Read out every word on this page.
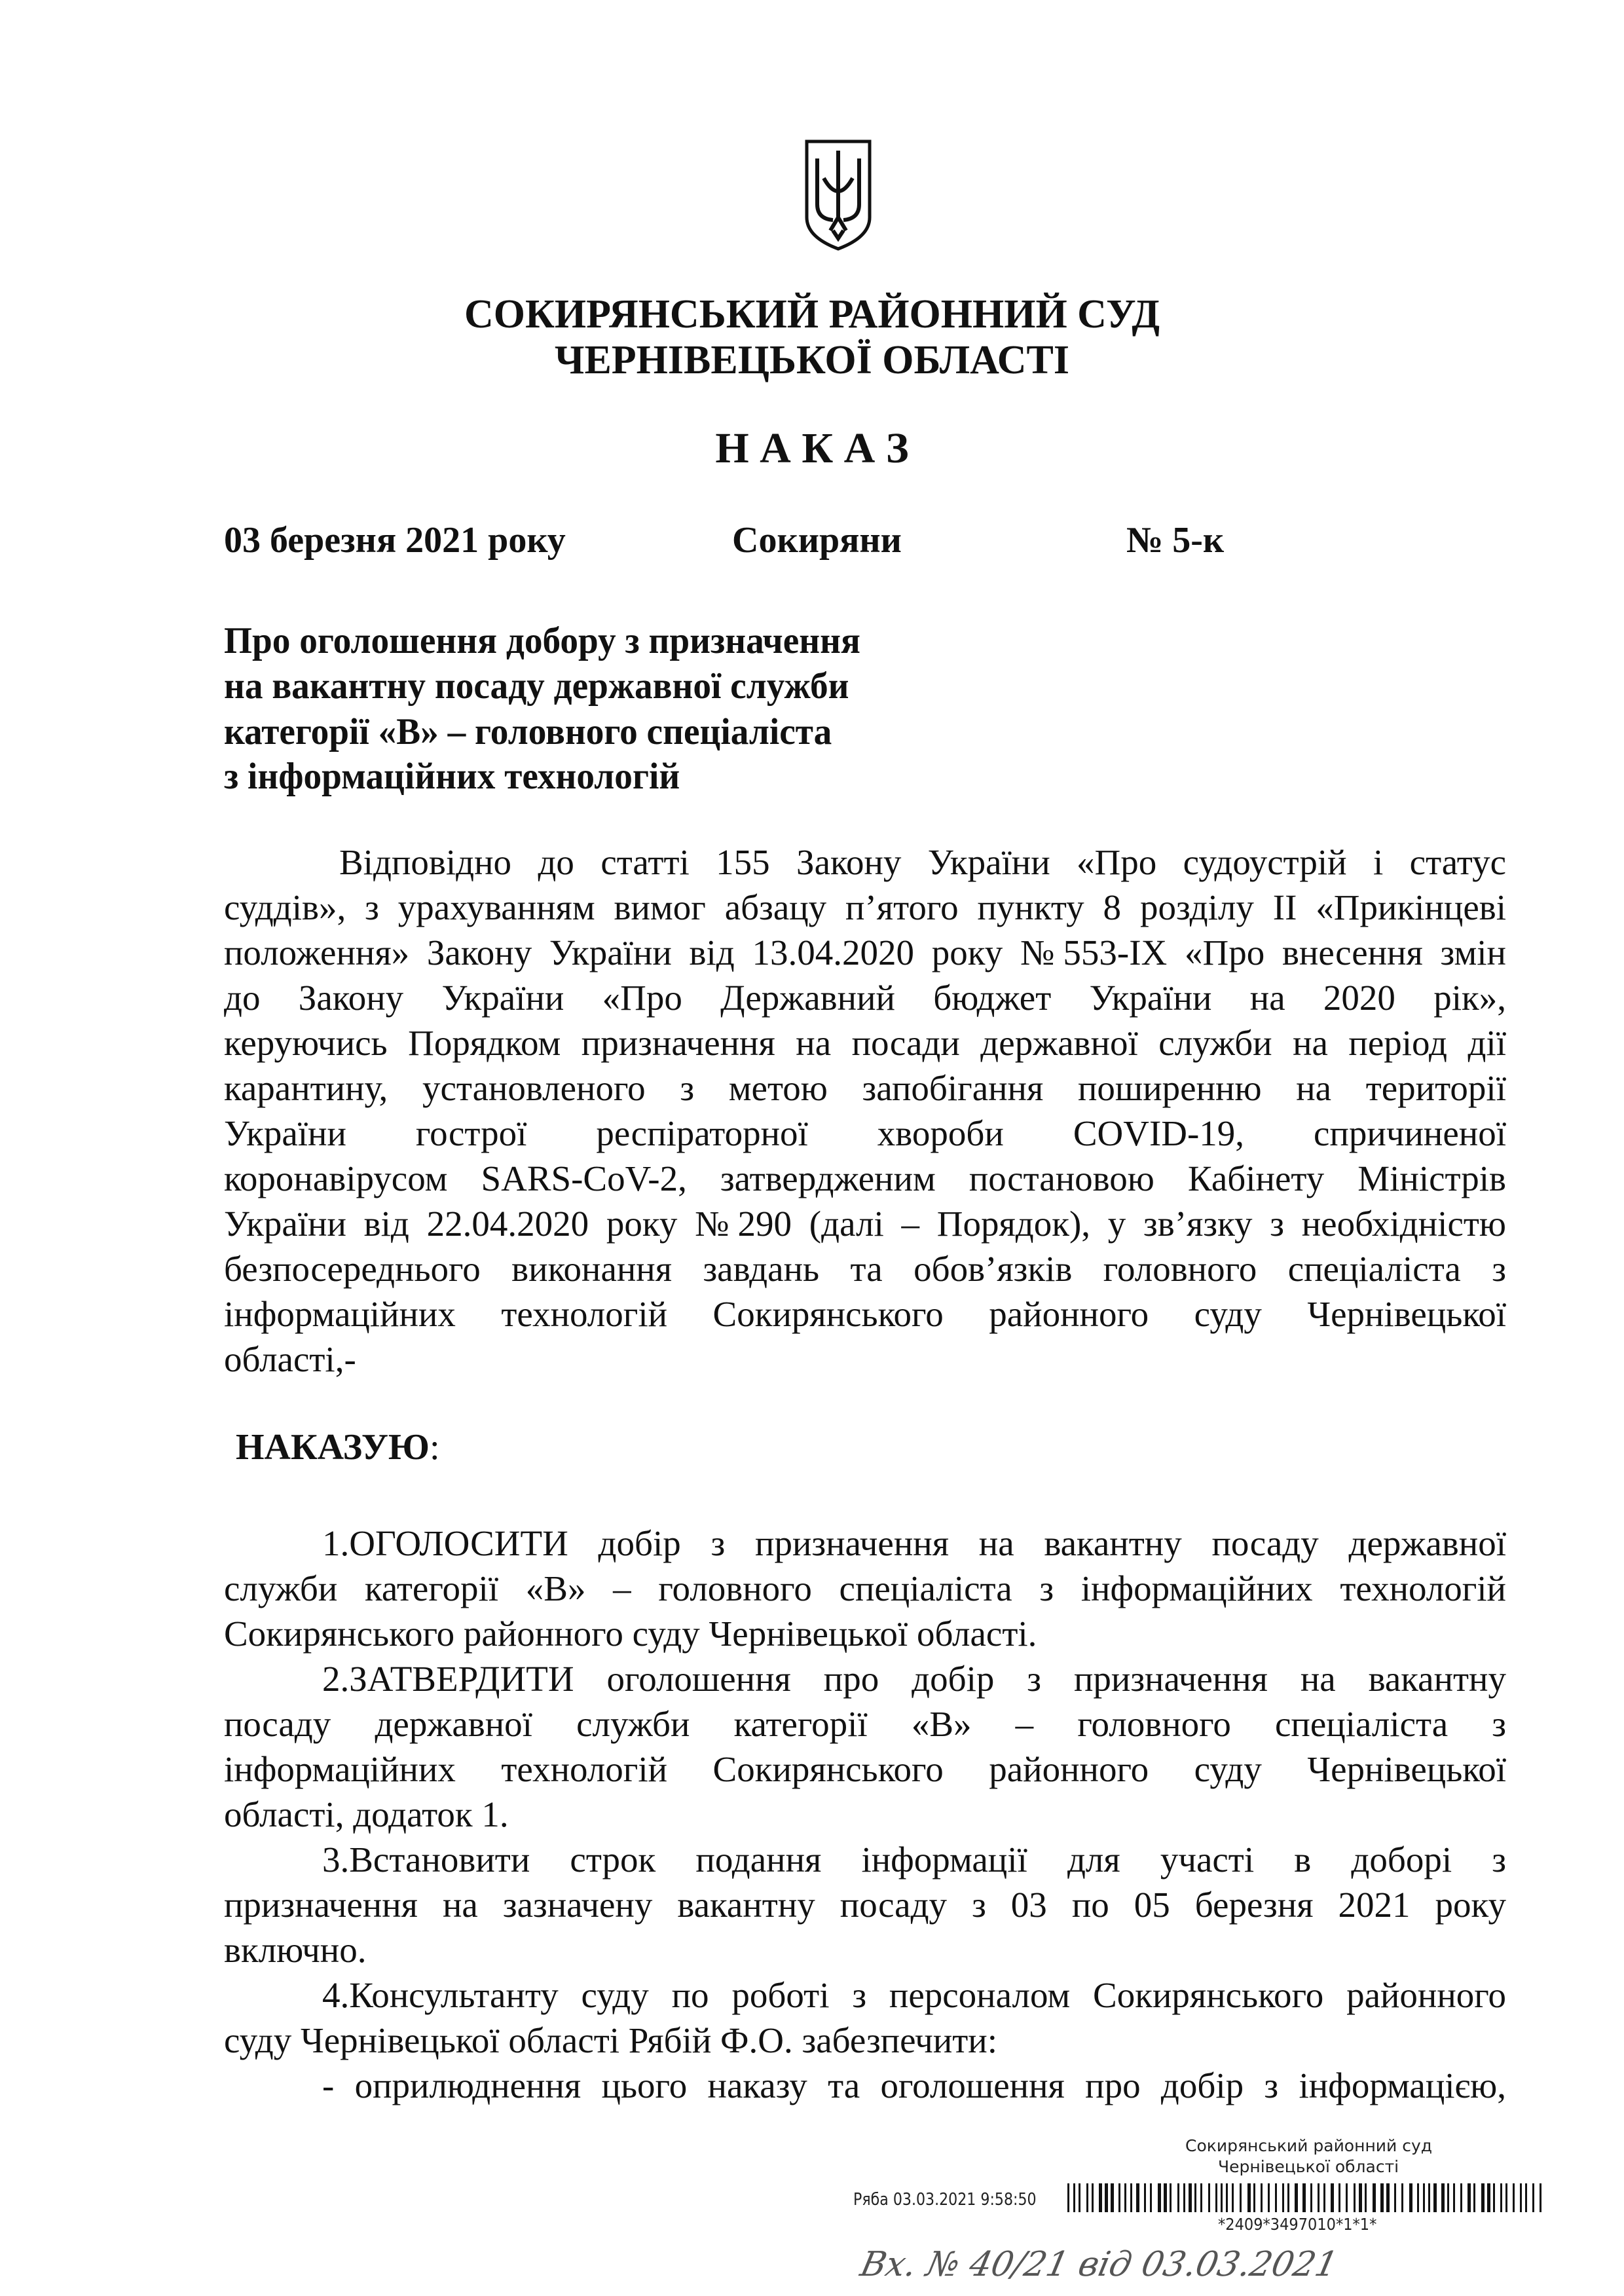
СОКИРЯНСЬКИЙ РАЙОННИЙ СУД
ЧЕРНІВЕЦЬКОЇ ОБЛАСТІ
Н А К А З
03 березня 2021 року	Сокиряни	№ 5-к
Про оголошення добору з призначення
на вакантну посаду державної служби
категорії «В» – головного спеціаліста
з інформаційних технологій
Відповідно до статті 155 Закону України «Про судоустрій і статус
суддів», з урахуванням вимог абзацу п’ятого пункту 8 розділу ІІ «Прикінцеві
положення» Закону України від 13.04.2020 року №553-ІХ «Про внесення змін
до Закону України «Про Державний бюджет України на 2020 рік»,
керуючись Порядком призначення на посади державної служби на період дії
карантину, установленого з метою запобігання поширенню на території
України гострої респіраторної хвороби COVID-19, спричиненої
коронавірусом SARS-CoV-2, затвердженим постановою Кабінету Міністрів
України від 22.04.2020 року №290 (далі – Порядок), у зв’язку з необхідністю
безпосереднього виконання завдань та обов’язків головного спеціаліста з
інформаційних технологій Сокирянського районного суду Чернівецької
області,-
НАКАЗУЮ:
1.ОГОЛОСИТИ добір з призначення на вакантну посаду державної
служби категорії «В» – головного спеціаліста з інформаційних технологій
Сокирянського районного суду Чернівецької області.
2.ЗАТВЕРДИТИ оголошення про добір з призначення на вакантну
посаду державної служби категорії «В» – головного спеціаліста з
інформаційних технологій Сокирянського районного суду Чернівецької
області, додаток 1.
3.Встановити строк подання інформації для участі в доборі з
призначення на зазначену вакантну посаду з 03 по 05 березня 2021 року
включно.
4.Консультанту суду по роботі з персоналом Сокирянського районного
суду Чернівецької області Рябій Ф.О. забезпечити:
- оприлюднення цього наказу та оголошення про добір з інформацією,
Сокирянський районний суд
Чернівецької області
Ряба 03.03.2021 9:58:50
*2409*3497010*1*1*
Вх. № 40/21 від 03.03.2021
